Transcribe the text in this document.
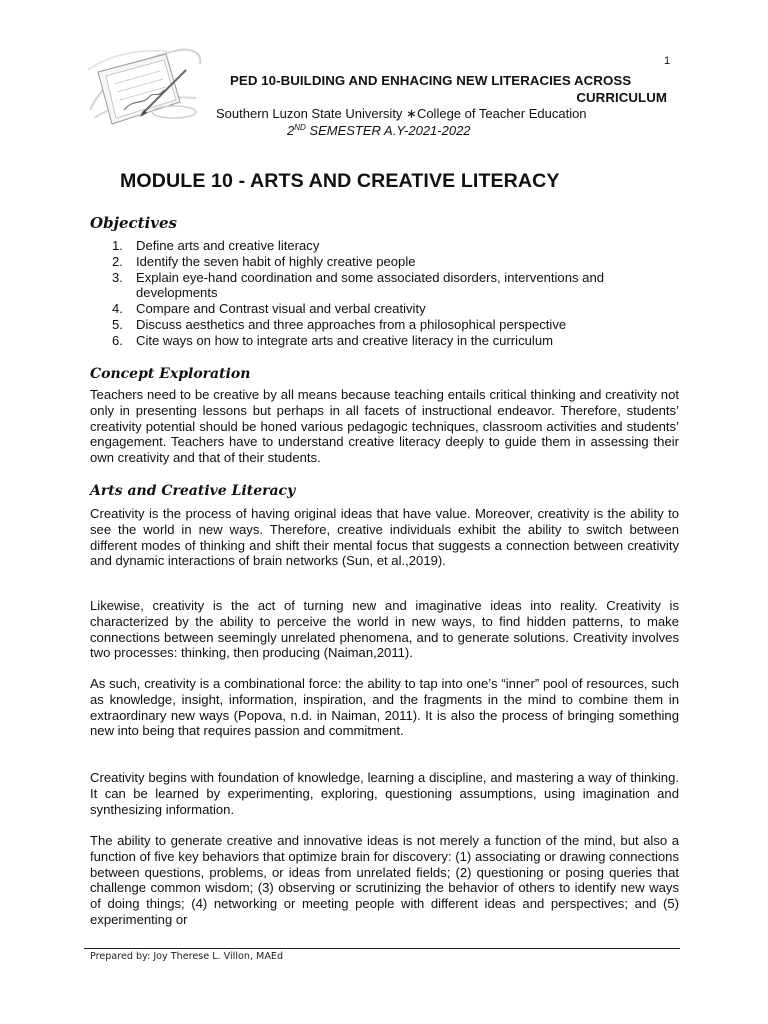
1
PED 10-BUILDING AND ENHACING NEW LITERACIES ACROSS
CURRICULUM
Southern Luzon State University ∗College of Teacher Education
2ND SEMESTER A.Y-2021-2022
MODULE 10 - ARTS AND CREATIVE LITERACY
Objectives
1. Define arts and creative literacy
2. Identify the seven habit of highly creative people
3. Explain eye-hand coordination and some associated disorders, interventions and developments
4. Compare and Contrast visual and verbal creativity
5. Discuss aesthetics and three approaches from a philosophical perspective
6. Cite ways on how to integrate arts and creative literacy in the curriculum
Concept Exploration

Teachers need to be creative by all means because teaching entails critical thinking and creativity not only in presenting lessons but perhaps in all facets of instructional endeavor. Therefore, students’ creativity potential should be honed various pedagogic techniques, classroom activities and students’ engagement. Teachers have to understand creative literacy deeply to guide them in assessing their own creativity and that of their students.

Arts and Creative Literacy

Creativity is the process of having original ideas that have value. Moreover, creativity is the ability to see the world in new ways. Therefore, creative individuals exhibit the ability to switch between different modes of thinking and shift their mental focus that suggests a connection between creativity and dynamic interactions of brain networks (Sun, et al.,2019).

Likewise, creativity is the act of turning new and imaginative ideas into reality. Creativity is characterized by the ability to perceive the world in new ways, to find hidden patterns, to make connections between seemingly unrelated phenomena, and to generate solutions. Creativity involves two processes: thinking, then producing (Naiman,2011).

As such, creativity is a combinational force: the ability to tap into one’s “inner” pool of resources, such as knowledge, insight, information, inspiration, and the fragments in the mind to combine them in extraordinary new ways (Popova, n.d. in Naiman, 2011). It is also the process of bringing something new into being that requires passion and commitment.

Creativity begins with foundation of knowledge, learning a discipline, and mastering a way of thinking. It can be learned by experimenting, exploring, questioning assumptions, using imagination and synthesizing information.

The ability to generate creative and innovative ideas is not merely a function of the mind, but also a function of five key behaviors that optimize brain for discovery: (1) associating or drawing connections between questions, problems, or ideas from unrelated fields; (2) questioning or posing queries that challenge common wisdom; (3) observing or scrutinizing the behavior of others to identify new ways of doing things; (4) networking or meeting people with different ideas and perspectives; and (5) experimenting or

Prepared by: Joy Therese L. Villon, MAEd
